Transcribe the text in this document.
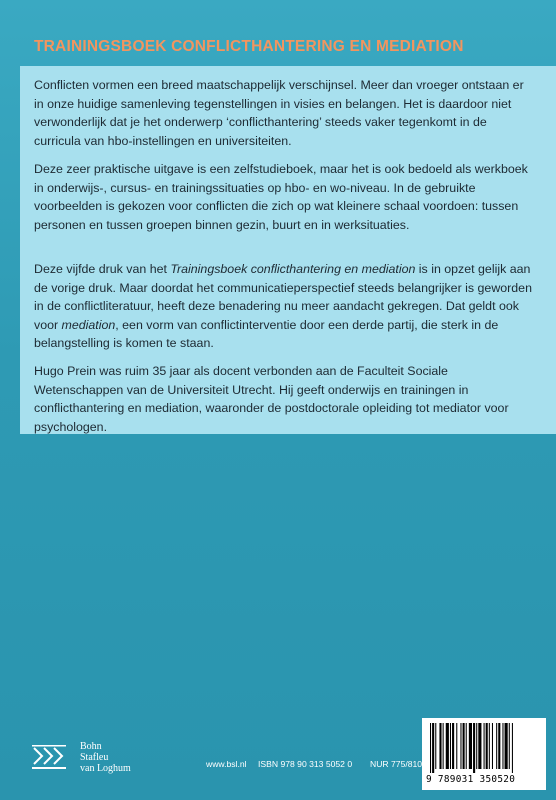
TRAININGSBOEK CONFLICTHANTERING EN MEDIATION

Conflicten vormen een breed maatschappelijk verschijnsel. Meer dan vroeger ontstaan er in onze huidige samenleving tegenstellingen in visies en belangen. Het is daardoor niet verwonderlijk dat je het onderwerp ‘conflicthantering’ steeds vaker tegenkomt in de curricula van hbo-instellingen en universiteiten.

Deze zeer praktische uitgave is een zelfstudieboek, maar het is ook bedoeld als werkboek in onderwijs-, cursus- en trainingssituaties op hbo- en wo-niveau. In de gebruikte voorbeelden is gekozen voor conflicten die zich op wat kleinere schaal voordoen: tussen personen en tussen groepen binnen gezin, buurt en in werksituaties.

Deze vijfde druk van het Trainingsboek conflicthantering en mediation is in opzet gelijk aan de vorige druk. Maar doordat het communicatieperspectief steeds belangrijker is geworden in de conflictliteratuur, heeft deze benadering nu meer aandacht gekregen. Dat geldt ook voor mediation, een vorm van conflictinterventie door een derde partij, die sterk in de belangstelling is komen te staan.

Hugo Prein was ruim 35 jaar als docent verbonden aan de Faculteit Sociale Wetenschappen van de Universiteit Utrecht. Hij geeft onderwijs en trainingen in conflicthantering en mediation, waaronder de postdoctorale opleiding tot mediator voor psychologen.

Bohn
Stafleu
van Loghum	www.bsl.nl ISBN 978 90 313 5052 0 NUR 775/810
9 789031 350520
